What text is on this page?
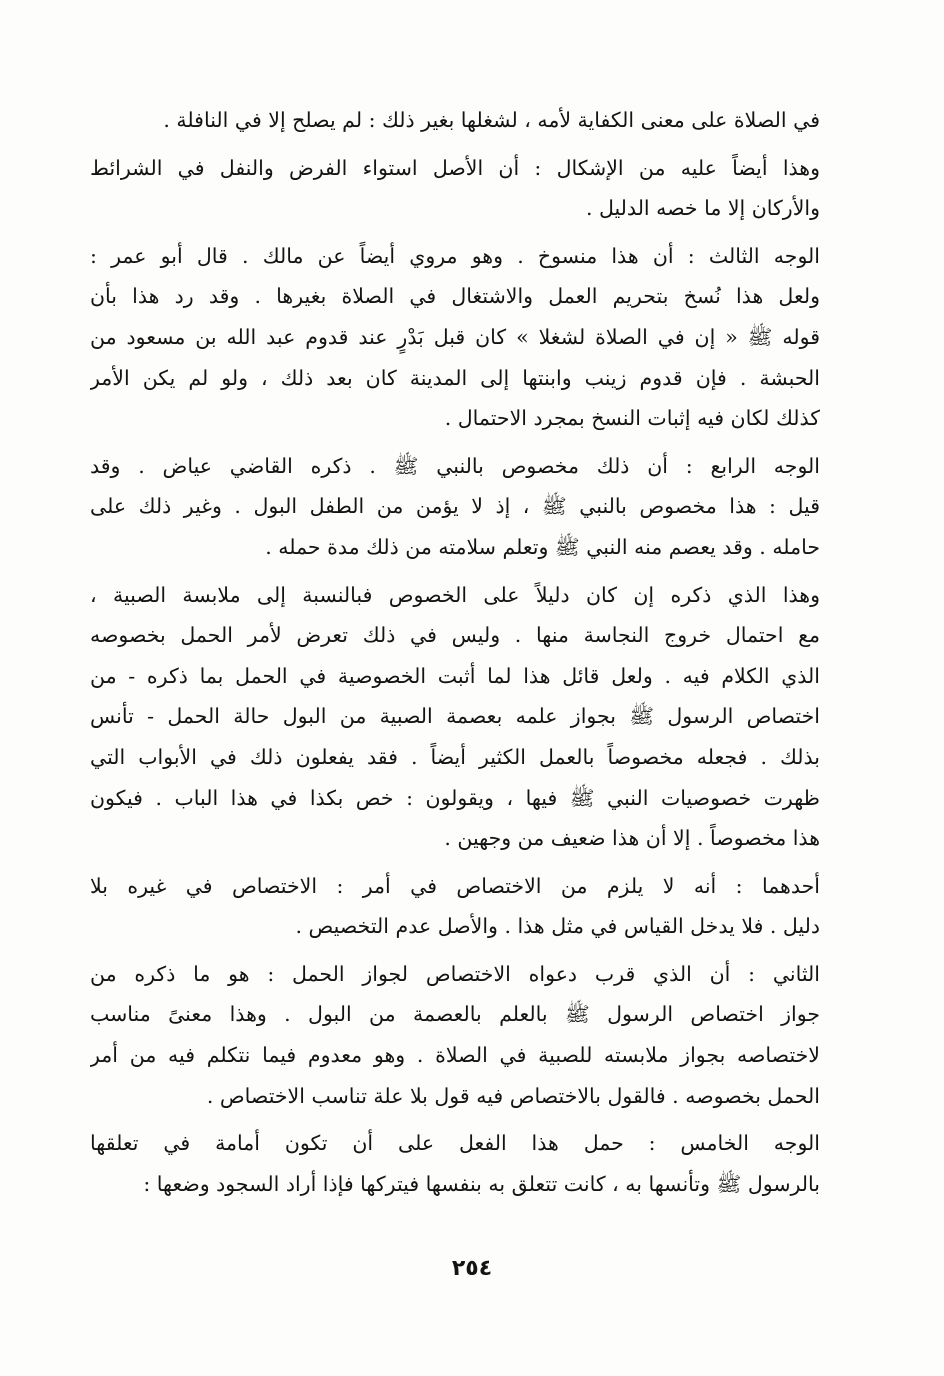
في الصلاة على معنى الكفاية لأمه ، لشغلها بغير ذلك : لم يصلح إلا في النافلة .
وهذا أيضاً عليه من الإشكال : أن الأصل استواء الفرض والنفل في الشرائط
والأركان إلا ما خصه الدليل .
الوجه الثالث : أن هذا منسوخ . وهو مروي أيضاً عن مالك . قال أبو عمر :
ولعل هذا نُسخ بتحريم العمل والاشتغال في الصلاة بغيرها . وقد رد هذا بأن
قوله ﷺ « إن في الصلاة لشغلا » كان قبل بَدْرٍ عند قدوم عبد الله بن مسعود من
الحبشة . فإن قدوم زينب وابنتها إلى المدينة كان بعد ذلك ، ولو لم يكن الأمر
كذلك لكان فيه إثبات النسخ بمجرد الاحتمال .
الوجه الرابع : أن ذلك مخصوص بالنبي ﷺ . ذكره القاضي عياض . وقد
قيل : هذا مخصوص بالنبي ﷺ ، إذ لا يؤمن من الطفل البول . وغير ذلك على
حامله . وقد يعصم منه النبي ﷺ وتعلم سلامته من ذلك مدة حمله .
وهذا الذي ذكره إن كان دليلاً على الخصوص فبالنسبة إلى ملابسة الصبية ،
مع احتمال خروج النجاسة منها . وليس في ذلك تعرض لأمر الحمل بخصوصه
الذي الكلام فيه . ولعل قائل هذا لما أثبت الخصوصية في الحمل بما ذكره - من
اختصاص الرسول ﷺ بجواز علمه بعصمة الصبية من البول حالة الحمل - تأنس
بذلك . فجعله مخصوصاً بالعمل الكثير أيضاً . فقد يفعلون ذلك في الأبواب التي
ظهرت خصوصيات النبي ﷺ فيها ، ويقولون : خص بكذا في هذا الباب . فيكون
هذا مخصوصاً . إلا أن هذا ضعيف من وجهين .
أحدهما : أنه لا يلزم من الاختصاص في أمر : الاختصاص في غيره بلا
دليل . فلا يدخل القياس في مثل هذا . والأصل عدم التخصيص .
الثاني : أن الذي قرب دعواه الاختصاص لجواز الحمل : هو ما ذكره من
جواز اختصاص الرسول ﷺ بالعلم بالعصمة من البول . وهذا معنىً مناسب
لاختصاصه بجواز ملابسته للصبية في الصلاة . وهو معدوم فيما نتكلم فيه من أمر
الحمل بخصوصه . فالقول بالاختصاص فيه قول بلا علة تناسب الاختصاص .
الوجه الخامس : حمل هذا الفعل على أن تكون أمامة في تعلقها
بالرسول ﷺ وتأنسها به ، كانت تتعلق به بنفسها فيتركها فإذا أراد السجود وضعها :
٢٥٤
